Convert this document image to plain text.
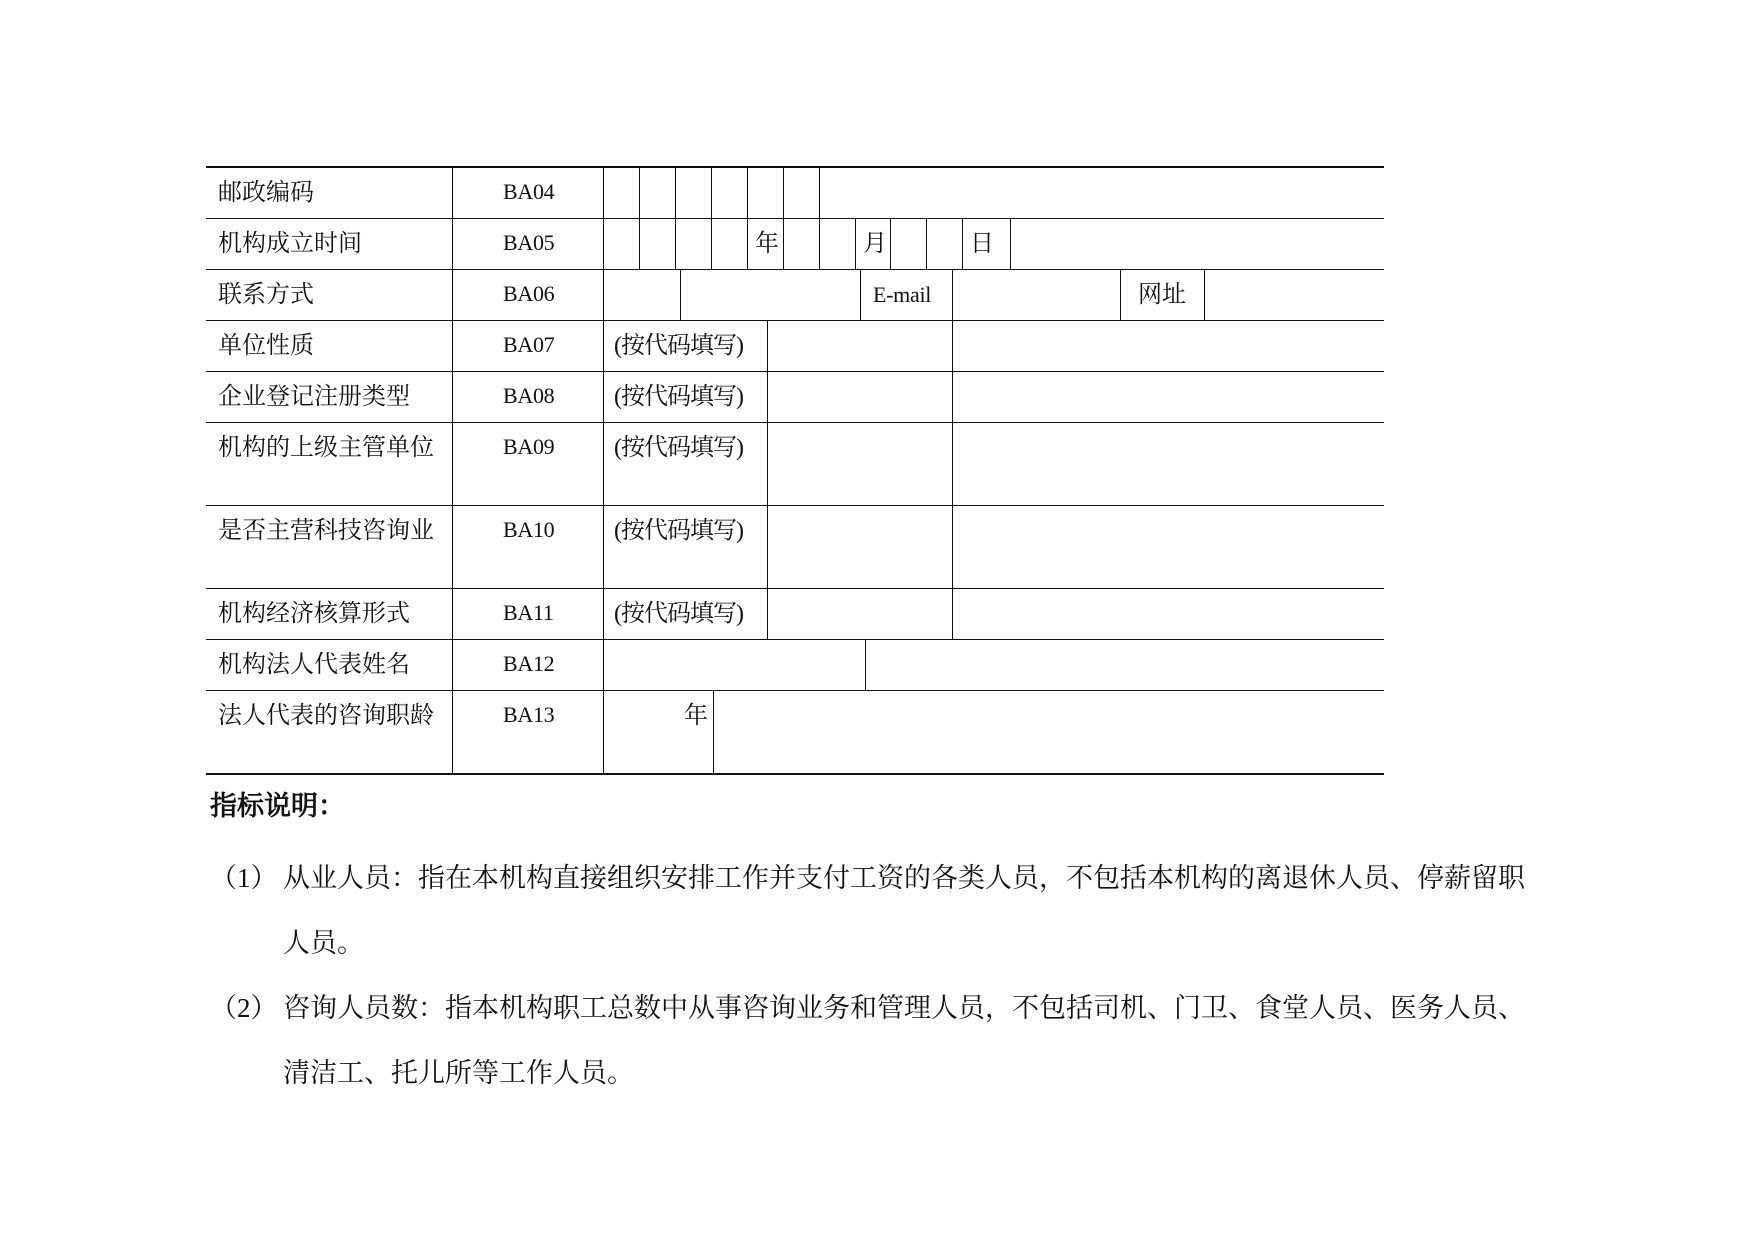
邮政编码	BA04
机构成立时间	BA05	年	月	日
联系方式	BA06	E-mail	网址
单位性质	BA07 (按代码填写)
企业登记注册类型	BA08 (按代码填写)
机构的上级主管单位	BA09 (按代码填写)
是否主营科技咨询业	BA10 (按代码填写)
机构经济核算形式	BA11	(按代码填写)
机构法人代表姓名	BA12
法人代表的咨询职龄	BA13	年
指标说明：
（1） 从业人员：指在本机构直接组织安排工作并支付工资的各类人员，不包括本机构的离退休人员、停薪留职人员。
（2） 咨询人员数：指本机构职工总数中从事咨询业务和管理人员，不包括司机、门卫、食堂人员、医务人员、清洁工、托儿所等工作人员。
